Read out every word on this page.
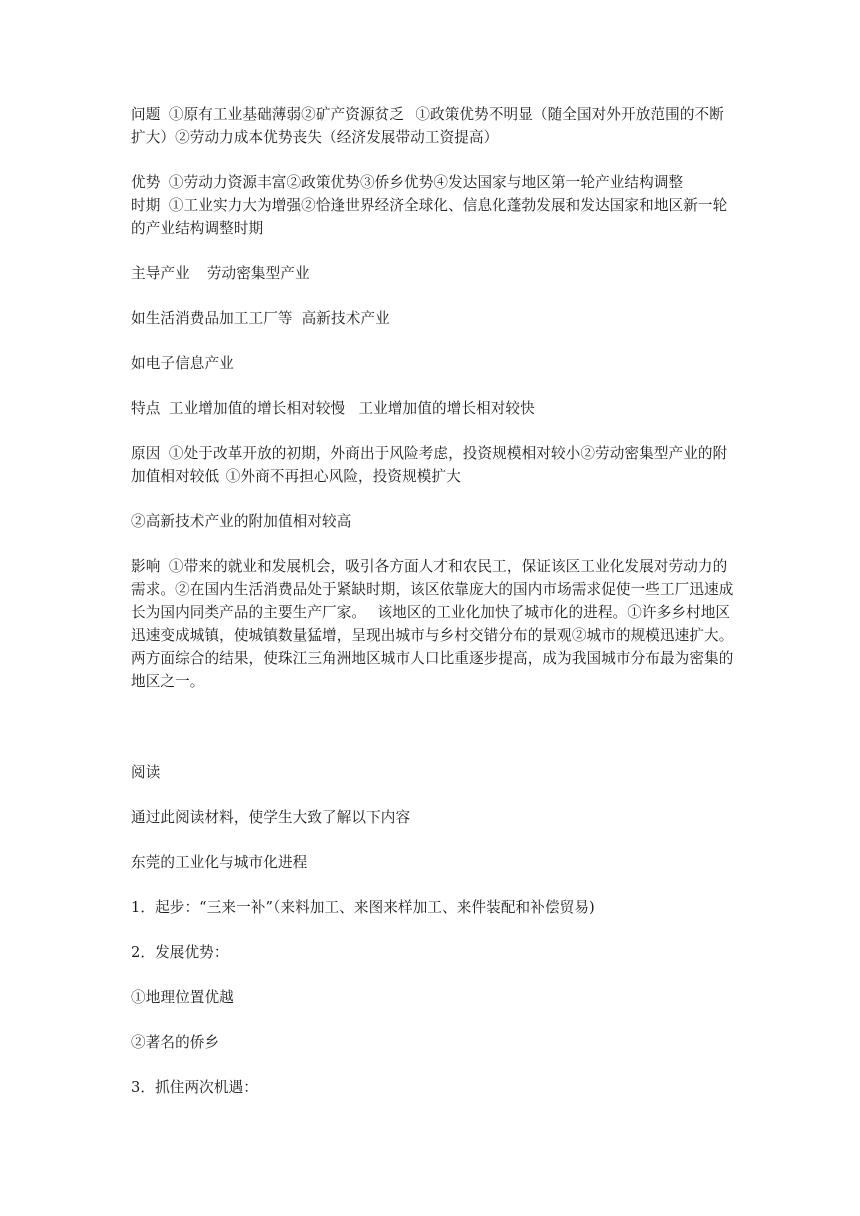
问题	①原有工业基础薄弱②矿产资源贫乏	①政策优势不明显（随全国对外开放范围的不断扩大）②劳动力成本优势丧失（经济发展带动工资提高）

优势	①劳动力资源丰富②政策优势③侨乡优势④发达国家与地区第一轮产业结构调整

时期	①工业实力大为增强②恰逢世界经济全球化、信息化蓬勃发展和发达国家和地区新一轮的产业结构调整时期

主导产业	劳动密集型产业

如生活消费品加工工厂等	高新技术产业

如电子信息产业

特点	工业增加值的增长相对较慢	工业增加值的增长相对较快

原因	①处于改革开放的初期，外商出于风险考虑，投资规模相对较小②劳动密集型产业的附加值相对较低	①外商不再担心风险，投资规模扩大

②高新技术产业的附加值相对较高

影响	①带来的就业和发展机会，吸引各方面人才和农民工，保证该区工业化发展对劳动力的需求。②在国内生活消费品处于紧缺时期，该区依靠庞大的国内市场需求促使一些工厂迅速成长为国内同类产品的主要生产厂家。	该地区的工业化加快了城市化的进程。①许多乡村地区迅速变成城镇，使城镇数量猛增，呈现出城市与乡村交错分布的景观②城市的规模迅速扩大。两方面综合的结果，使珠江三角洲地区城市人口比重逐步提高，成为我国城市分布最为密集的地区之一。

阅读

通过此阅读材料，使学生大致了解以下内容

东莞的工业化与城市化进程

1．起步：“三来一补”（来料加工、来图来样加工、来件装配和补偿贸易)

2．发展优势：

①地理位置优越

②著名的侨乡

3．抓住两次机遇：
